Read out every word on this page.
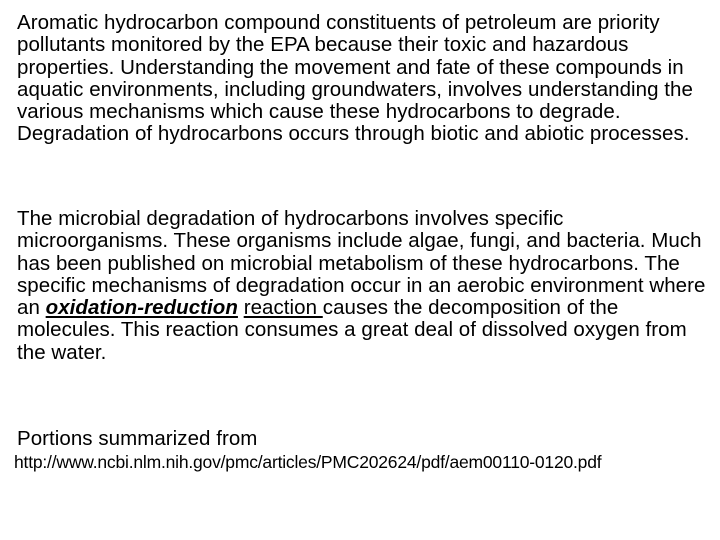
Aromatic hydrocarbon compound constituents of petroleum are priority pollutants monitored by the EPA because their toxic and hazardous properties. Understanding the movement and fate of these compounds in aquatic environments, including groundwaters, involves understanding the various mechanisms which cause these hydrocarbons to degrade. Degradation of hydrocarbons occurs through biotic and abiotic processes.

The microbial degradation of hydrocarbons involves specific microorganisms. These organisms include algae, fungi, and bacteria. Much has been published on microbial metabolism of these hydrocarbons. The specific mechanisms of degradation occur in an aerobic environment where an oxidation-reduction reaction causes the decomposition of the molecules. This reaction consumes a great deal of dissolved oxygen from the water.

Portions summarized from

http://www.ncbi.nlm.nih.gov/pmc/articles/PMC202624/pdf/aem00110-0120.pdf
